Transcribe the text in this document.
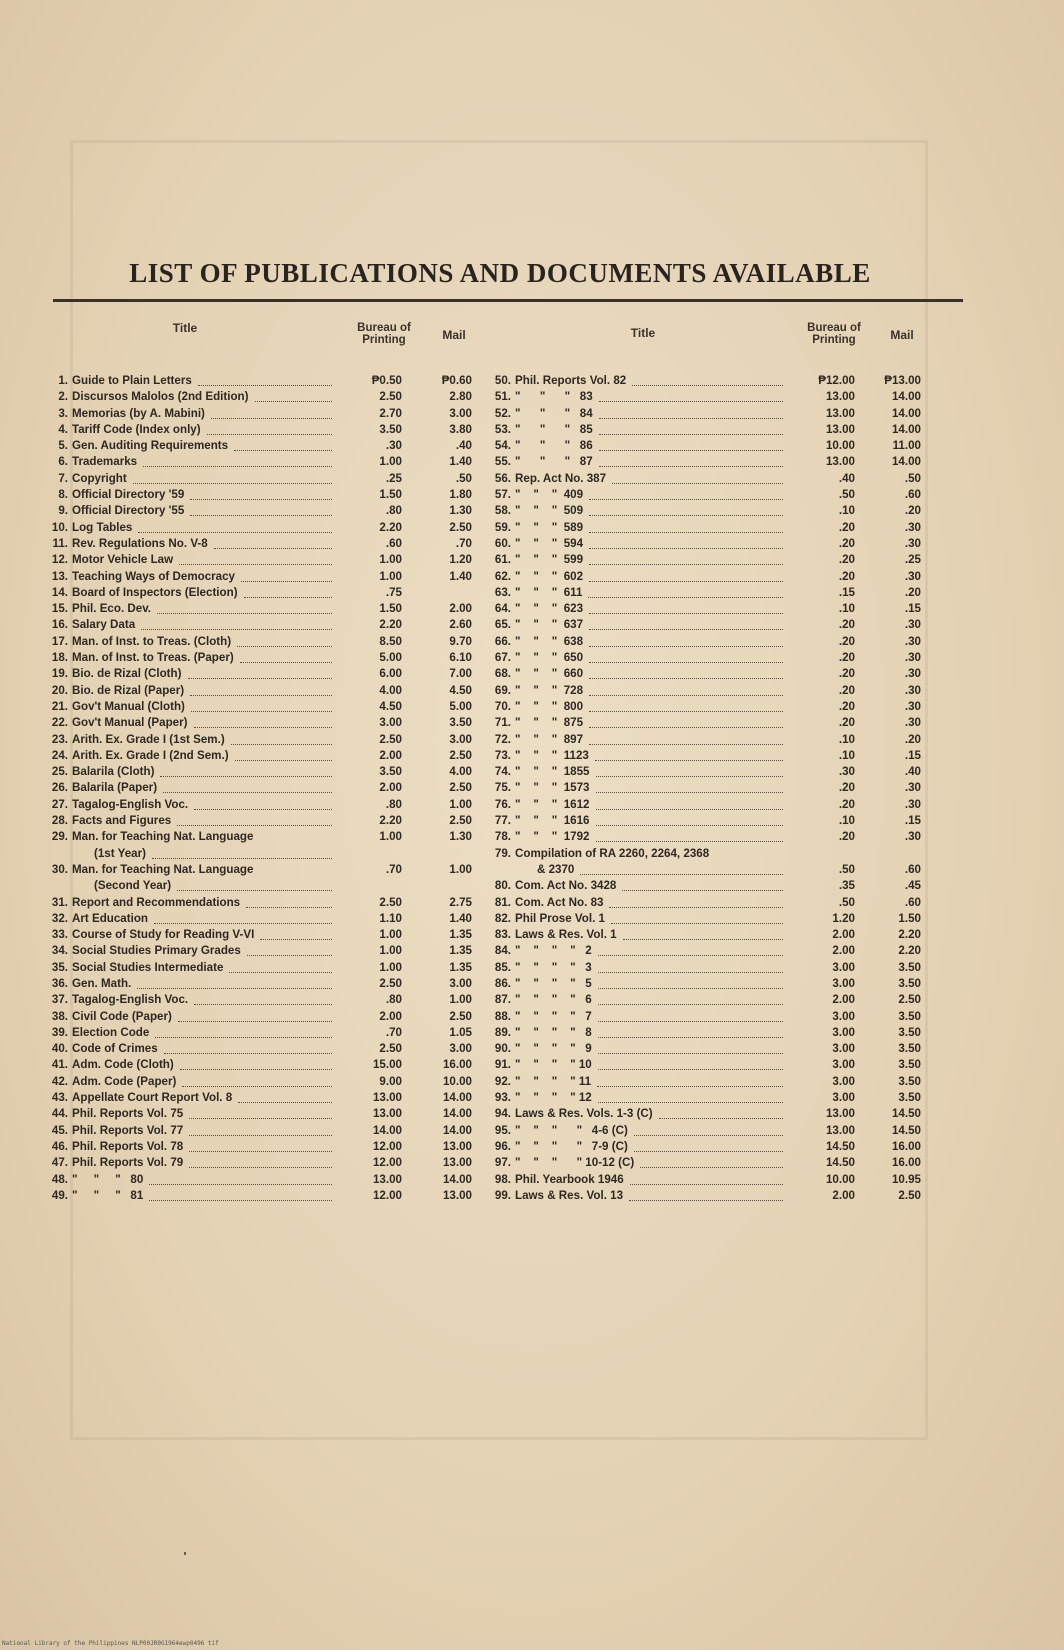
LIST OF PUBLICATIONS AND DOCUMENTS AVAILABLE
Title	Bureau of
Printing	Mail	Title	Bureau of
Printing	Mail
1. Guide to Plain Letters	₱0.50	₱0.60
2. Discursos Malolos (2nd Edition)	2.50	2.80
3. Memorias (by A. Mabini)	2.70	3.00
4. Tariff Code (Index only)	3.50	3.80
5. Gen. Auditing Requirements	.30	.40
6. Trademarks	1.00	1.40
7. Copyright	.25	.50
8. Official Directory '59	1.50	1.80
9. Official Directory '55	.80	1.30
10. Log Tables	2.20	2.50
11. Rev. Regulations No. V-8	.60	.70
12. Motor Vehicle Law	1.00	1.20
13. Teaching Ways of Democracy	1.00	1.40
14. Board of Inspectors (Election)	.75
15. Phil. Eco. Dev.	1.50	2.00
16. Salary Data	2.20	2.60
17. Man. of Inst. to Treas. (Cloth)	8.50	9.70
18. Man. of Inst. to Treas. (Paper)	5.00	6.10
19. Bio. de Rizal (Cloth)	6.00	7.00
20. Bio. de Rizal (Paper)	4.00	4.50
21. Gov't Manual (Cloth)	4.50	5.00
22. Gov't Manual (Paper)	3.00	3.50
23. Arith. Ex. Grade I (1st Sem.)	2.50	3.00
24. Arith. Ex. Grade I (2nd Sem.)	2.00	2.50
25. Balarila (Cloth)	3.50	4.00
26. Balarila (Paper)	2.00	2.50
27. Tagalog-English Voc.	.80	1.00
28. Facts and Figures	2.20	2.50
29. Man. for Teaching Nat. Language
(1st Year)
1.00	1.30
30. Man. for Teaching Nat. Language
(Second Year)
.70	1.00
31. Report and Recommendations	2.50	2.75
32. Art Education	1.10	1.40
33. Course of Study for Reading V-VI	1.00	1.35
34. Social Studies Primary Grades	1.00	1.35
35. Social Studies Intermediate	1.00	1.35
36. Gen. Math.	2.50	3.00
37. Tagalog-English Voc.	.80	1.00
38. Civil Code (Paper)	2.00	2.50
39. Election Code	.70	1.05
40. Code of Crimes	2.50	3.00
41. Adm. Code (Cloth)	15.00	16.00
42. Adm. Code (Paper)	9.00	10.00
43. Appellate Court Report Vol. 8	13.00	14.00
44. Phil. Reports Vol. 75	13.00	14.00
45. Phil. Reports Vol. 77	14.00	14.00
46. Phil. Reports Vol. 78	12.00	13.00
47. Phil. Reports Vol. 79	12.00	13.00
48. "     "     "   80	13.00	14.00
49. "     "     "   81	12.00	13.00
50. Phil. Reports Vol. 82	₱12.00	₱13.00
51. "      "      "   83	13.00	14.00
52. "      "      "   84	13.00	14.00
53. "      "      "   85	13.00	14.00
54. "      "      "   86	10.00	11.00
55. "      "      "   87	13.00	14.00
56. Rep. Act No. 387	.40	.50
57. "    "    "  409	.50	.60
58. "    "    "  509	.10	.20
59. "    "    "  589	.20	.30
60. "    "    "  594	.20	.30
61. "    "    "  599	.20	.25
62. "    "    "  602	.20	.30
63. "    "    "  611	.15	.20
64. "    "    "  623	.10	.15
65. "    "    "  637	.20	.30
66. "    "    "  638	.20	.30
67. "    "    "  650	.20	.30
68. "    "    "  660	.20	.30
69. "    "    "  728	.20	.30
70. "    "    "  800	.20	.30
71. "    "    "  875	.20	.30
72. "    "    "  897	.10	.20
73. "    "    "  1123	.10	.15
74. "    "    "  1855	.30	.40
75. "    "    "  1573	.20	.30
76. "    "    "  1612	.20	.30
77. "    "    "  1616	.10	.15
78. "    "    "  1792	.20	.30
79. Compilation of RA 2260, 2264, 2368
& 2370	.50	.60
80. Com. Act No. 3428	.35	.45
81. Com. Act No. 83	.50	.60
82. Phil Prose Vol. 1	1.20	1.50
83. Laws & Res. Vol. 1	2.00	2.20
84. "    "    "    "   2	2.00	2.20
85. "    "    "    "   3	3.00	3.50
86. "    "    "    "   5	3.00	3.50
87. "    "    "    "   6	2.00	2.50
88. "    "    "    "   7	3.00	3.50
89. "    "    "    "   8	3.00	3.50
90. "    "    "    "   9	3.00	3.50
91. "    "    "    " 10	3.00	3.50
92. "    "    "    " 11	3.00	3.50
93. "    "    "    " 12	3.00	3.50
94. Laws & Res. Vols. 1-3 (C)	13.00	14.50
95. "    "    "      "   4-6 (C)	13.00	14.50
96. "    "    "      "   7-9 (C)	14.50	16.00
97. "    "    "      " 10-12 (C)	14.50	16.00
98. Phil. Yearbook 1946	10.00	10.95
99. Laws & Res. Vol. 13	2.00	2.50
National Library of the Philippines NLP00JR0G1964ewp0496 tif
